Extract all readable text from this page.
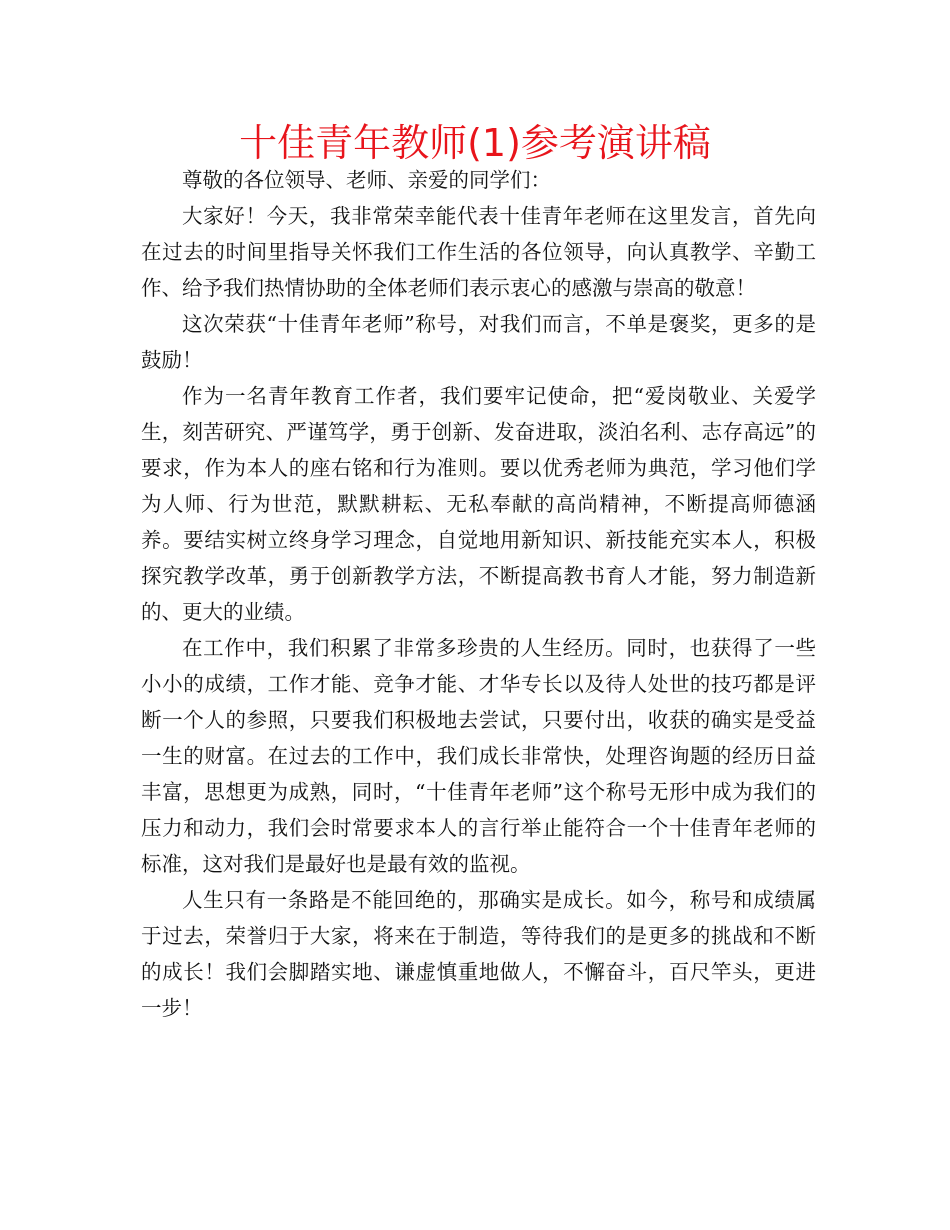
十佳青年教师(1)参考演讲稿

尊敬的各位领导、老师、亲爱的同学们：

大家好！今天，我非常荣幸能代表十佳青年老师在这里发言，首先向在过去的时间里指导关怀我们工作生活的各位领导，向认真教学、辛勤工作、给予我们热情协助的全体老师们表示衷心的感激与崇高的敬意！

这次荣获“十佳青年老师”称号，对我们而言，不单是褒奖，更多的是鼓励！

作为一名青年教育工作者，我们要牢记使命，把“爱岗敬业、关爱学生，刻苦研究、严谨笃学，勇于创新、发奋进取，淡泊名利、志存高远”的要求，作为本人的座右铭和行为准则。要以优秀老师为典范，学习他们学为人师、行为世范，默默耕耘、无私奉献的高尚精神，不断提高师德涵养。要结实树立终身学习理念，自觉地用新知识、新技能充实本人，积极探究教学改革，勇于创新教学方法，不断提高教书育人才能，努力制造新的、更大的业绩。

在工作中，我们积累了非常多珍贵的人生经历。同时，也获得了一些小小的成绩，工作才能、竞争才能、才华专长以及待人处世的技巧都是评断一个人的参照，只要我们积极地去尝试，只要付出，收获的确实是受益一生的财富。在过去的工作中，我们成长非常快，处理咨询题的经历日益丰富，思想更为成熟，同时，“十佳青年老师”这个称号无形中成为我们的压力和动力，我们会时常要求本人的言行举止能符合一个十佳青年老师的标准，这对我们是最好也是最有效的监视。

人生只有一条路是不能回绝的，那确实是成长。如今，称号和成绩属于过去，荣誉归于大家，将来在于制造，等待我们的是更多的挑战和不断的成长！我们会脚踏实地、谦虚慎重地做人，不懈奋斗，百尺竿头，更进一步！
